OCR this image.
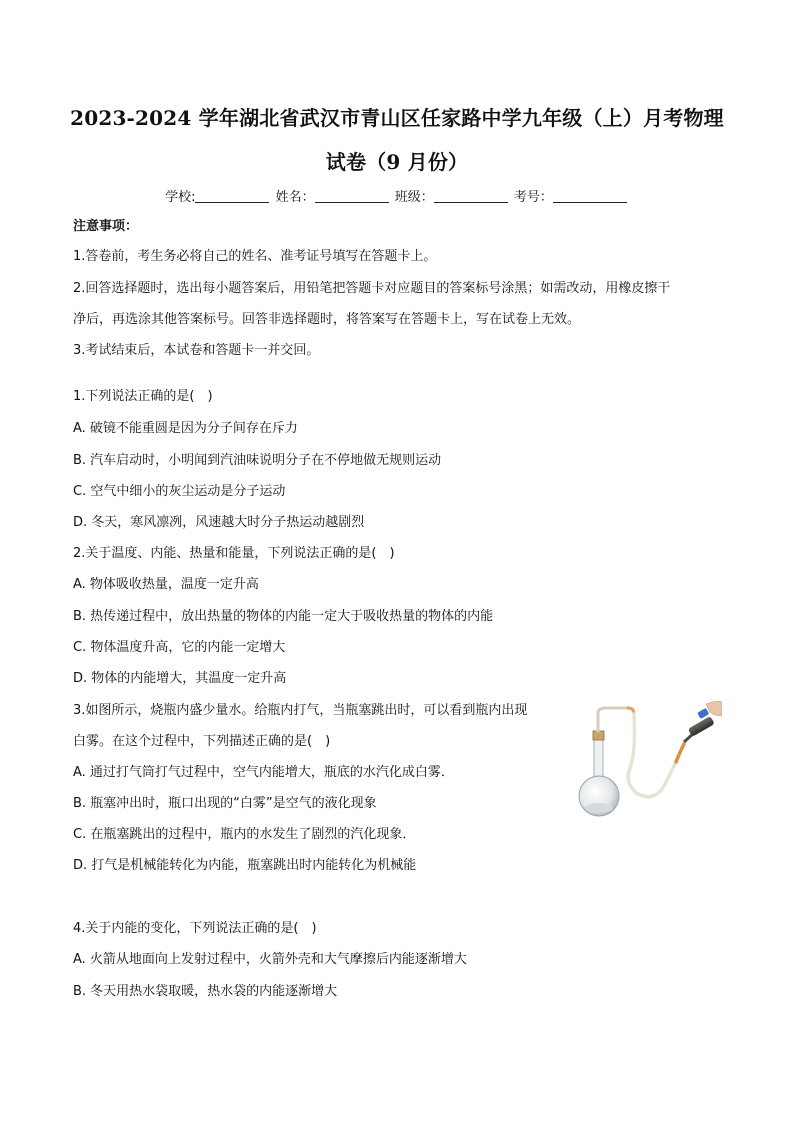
2023-2024 学年湖北省武汉市青山区任家路中学九年级（上）月考物理
试卷（9 月份）
学校:	姓名：	班级：	考号：
注意事项：
1.答卷前，考生务必将自己的姓名、准考证号填写在答题卡上。
2.回答选择题时，选出每小题答案后，用铅笔把答题卡对应题目的答案标号涂黑；如需改动，用橡皮擦干
净后，再选涂其他答案标号。回答非选择题时，将答案写在答题卡上，写在试卷上无效。
3.考试结束后，本试卷和答题卡一并交回。
1.下列说法正确的是(　)
A. 破镜不能重圆是因为分子间存在斥力
B. 汽车启动时，小明闻到汽油味说明分子在不停地做无规则运动
C. 空气中细小的灰尘运动是分子运动
D. 冬天，寒风凛冽，风速越大时分子热运动越剧烈
2.关于温度、内能、热量和能量，下列说法正确的是(　)
A. 物体吸收热量，温度一定升高
B. 热传递过程中，放出热量的物体的内能一定大于吸收热量的物体的内能
C. 物体温度升高，它的内能一定增大
D. 物体的内能增大，其温度一定升高
3.如图所示，烧瓶内盛少量水。给瓶内打气，当瓶塞跳出时，可以看到瓶内出现
白雾。在这个过程中，下列描述正确的是(　)
A. 通过打气筒打气过程中，空气内能增大，瓶底的水汽化成白雾．
B. 瓶塞冲出时，瓶口出现的“白雾”是空气的液化现象
C. 在瓶塞跳出的过程中，瓶内的水发生了剧烈的汽化现象．
D. 打气是机械能转化为内能，瓶塞跳出时内能转化为机械能
4.关于内能的变化，下列说法正确的是(　)
A. 火箭从地面向上发射过程中，火箭外壳和大气摩擦后内能逐渐增大
B. 冬天用热水袋取暖，热水袋的内能逐渐增大
